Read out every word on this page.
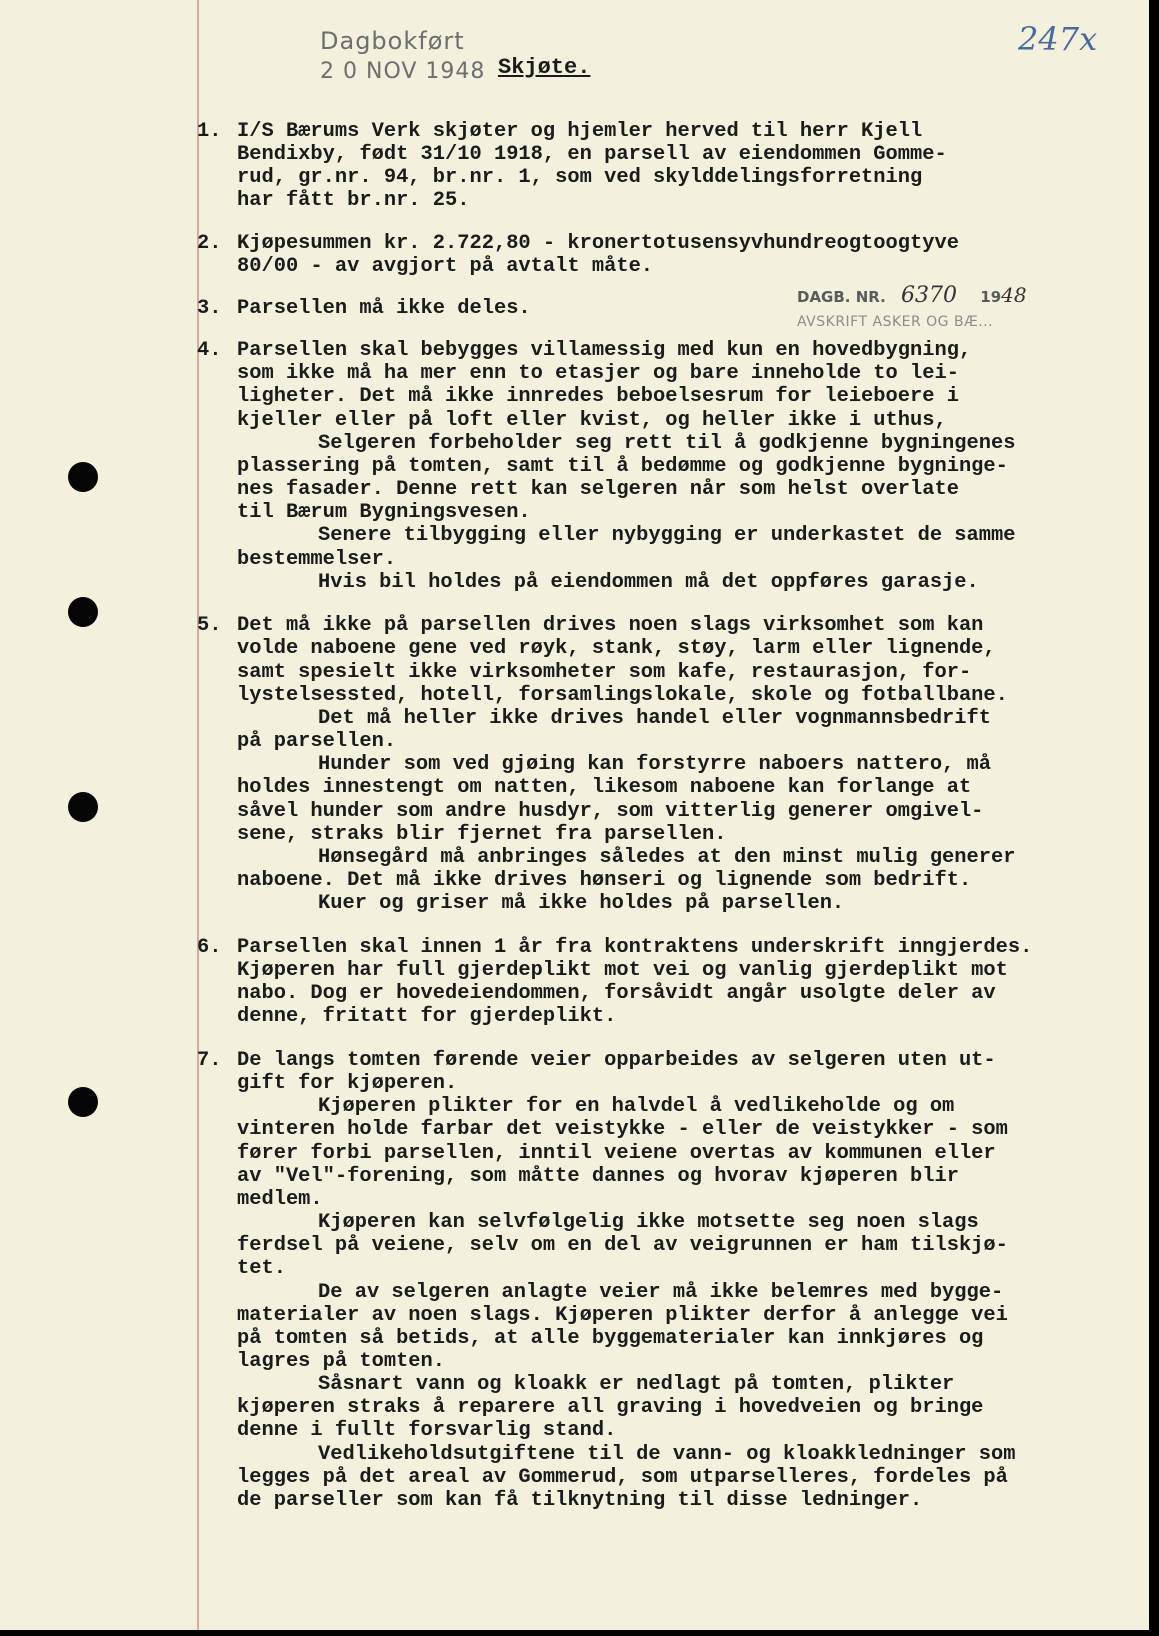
Dagbokført
2 0 NOV 1948 Skjøte.
247x
DAGB. NR. 6370 1948
AVSKRIFT ASKER OG BÆ...
1. I/S Bærums Verk skjøter og hjemler herved til herr Kjell
Bendixby, født 31/10 1918, en parsell av eiendommen Gomme-
rud, gr.nr. 94, br.nr. 1, som ved skylddelingsforretning
har fått br.nr. 25.
2. Kjøpesummen kr. 2.722,80 - kronertotusensyvhundreogtoogtyve
80/00 - av avgjort på avtalt måte.
3. Parsellen må ikke deles.
4. Parsellen skal bebygges villamessig med kun en hovedbygning,
som ikke må ha mer enn to etasjer og bare inneholde to lei-
ligheter. Det må ikke innredes beboelsesrum for leieboere i
kjeller eller på loft eller kvist, og heller ikke i uthus,
Selgeren forbeholder seg rett til å godkjenne bygningenes
plassering på tomten, samt til å bedømme og godkjenne bygninge-
nes fasader. Denne rett kan selgeren når som helst overlate
til Bærum Bygningsvesen.
Senere tilbygging eller nybygging er underkastet de samme
bestemmelser.
Hvis bil holdes på eiendommen må det oppføres garasje.
5. Det må ikke på parsellen drives noen slags virksomhet som kan
volde naboene gene ved røyk, stank, støy, larm eller lignende,
samt spesielt ikke virksomheter som kafe, restaurasjon, for-
lystelsessted, hotell, forsamlingslokale, skole og fotballbane.
Det må heller ikke drives handel eller vognmannsbedrift
på parsellen.
Hunder som ved gjøing kan forstyrre naboers nattero, må
holdes innestengt om natten, likesom naboene kan forlange at
såvel hunder som andre husdyr, som vitterlig generer omgivel-
sene, straks blir fjernet fra parsellen.
Hønsegård må anbringes således at den minst mulig generer
naboene. Det må ikke drives hønseri og lignende som bedrift.
Kuer og griser må ikke holdes på parsellen.
6. Parsellen skal innen 1 år fra kontraktens underskrift inngjerdes.
Kjøperen har full gjerdeplikt mot vei og vanlig gjerdeplikt mot
nabo. Dog er hovedeiendommen, forsåvidt angår usolgte deler av
denne, fritatt for gjerdeplikt.
7. De langs tomten førende veier opparbeides av selgeren uten ut-
gift for kjøperen.
Kjøperen plikter for en halvdel å vedlikeholde og om
vinteren holde farbar det veistykke - eller de veistykker - som
fører forbi parsellen, inntil veiene overtas av kommunen eller
av "Vel"-forening, som måtte dannes og hvorav kjøperen blir
medlem.
Kjøperen kan selvfølgelig ikke motsette seg noen slags
ferdsel på veiene, selv om en del av veigrunnen er ham tilskjø-
tet.
De av selgeren anlagte veier må ikke belemres med bygge-
materialer av noen slags. Kjøperen plikter derfor å anlegge vei
på tomten så betids, at alle byggematerialer kan innkjøres og
lagres på tomten.
Såsnart vann og kloakk er nedlagt på tomten, plikter
kjøperen straks å reparere all graving i hovedveien og bringe
denne i fullt forsvarlig stand.
Vedlikeholdsutgiftene til de vann- og kloakkledninger som
legges på det areal av Gommerud, som utparselleres, fordeles på
de parseller som kan få tilknytning til disse ledninger.
